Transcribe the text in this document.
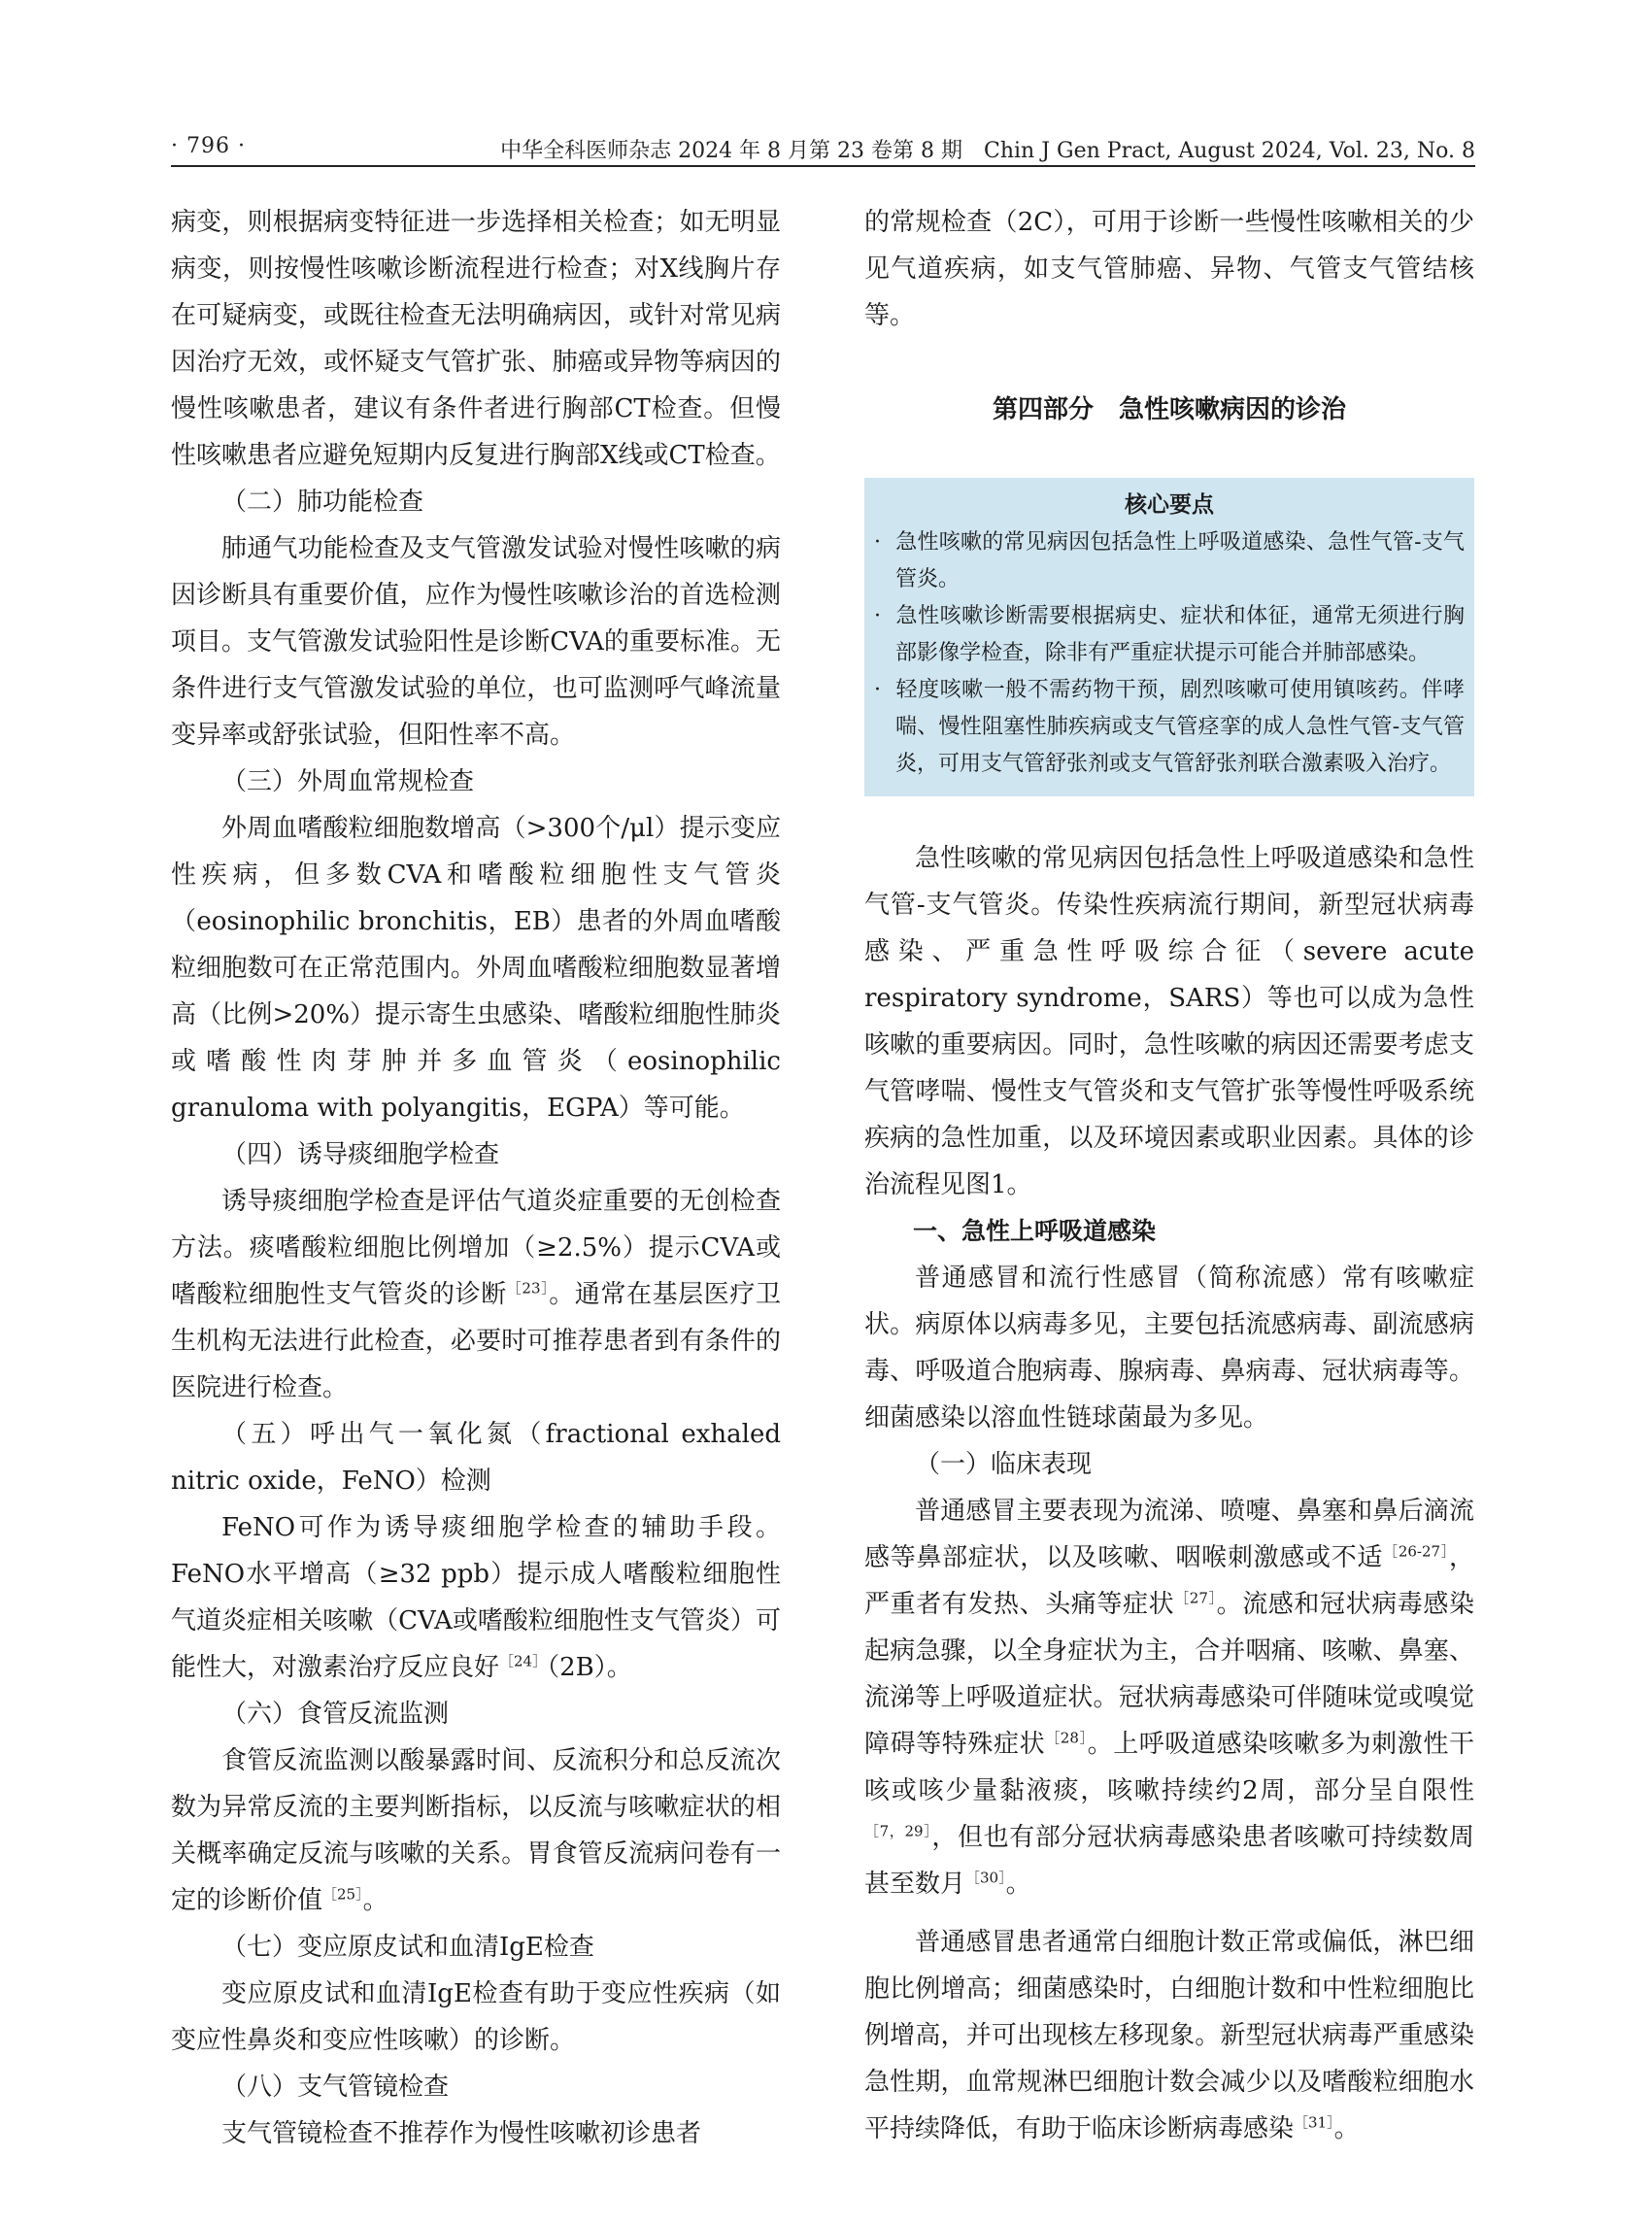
· 796 ·	中华全科医师杂志 2024 年 8 月第 23 卷第 8 期　Chin J Gen Pract, August 2024, Vol. 23, No. 8

病变，则根据病变特征进一步选择相关检查；如无明显病变，则按慢性咳嗽诊断流程进行检查；对X线胸片存在可疑病变，或既往检查无法明确病因，或针对常见病因治疗无效，或怀疑支气管扩张、肺癌或异物等病因的慢性咳嗽患者，建议有条件者进行胸部CT检查。但慢性咳嗽患者应避免短期内反复进行胸部X线或CT检查。

（二）肺功能检查

肺通气功能检查及支气管激发试验对慢性咳嗽的病因诊断具有重要价值，应作为慢性咳嗽诊治的首选检测项目。支气管激发试验阳性是诊断CVA的重要标准。无条件进行支气管激发试验的单位，也可监测呼气峰流量变异率或舒张试验，但阳性率不高。

（三）外周血常规检查

外周血嗜酸粒细胞数增高（>300个/μl）提示变应性疾病，但多数CVA和嗜酸粒细胞性支气管炎（eosinophilic bronchitis，EB）患者的外周血嗜酸粒细胞数可在正常范围内。外周血嗜酸粒细胞数显著增高（比例>20%）提示寄生虫感染、嗜酸粒细胞性肺炎或嗜酸性肉芽肿并多血管炎（eosinophilic granuloma with polyangitis，EGPA）等可能。

（四）诱导痰细胞学检查

诱导痰细胞学检查是评估气道炎症重要的无创检查方法。痰嗜酸粒细胞比例增加（≥2.5%）提示CVA或嗜酸粒细胞性支气管炎的诊断$^{[23]}$。通常在基层医疗卫生机构无法进行此检查，必要时可推荐患者到有条件的医院进行检查。

（五）呼出气一氧化氮（fractional exhaled nitric oxide，FeNO）检测

FeNO可作为诱导痰细胞学检查的辅助手段。FeNO水平增高（≥32 ppb）提示成人嗜酸粒细胞性气道炎症相关咳嗽（CVA或嗜酸粒细胞性支气管炎）可能性大，对激素治疗反应良好$^{[24]}$（2B）。

（六）食管反流监测

食管反流监测以酸暴露时间、反流积分和总反流次数为异常反流的主要判断指标，以反流与咳嗽症状的相关概率确定反流与咳嗽的关系。胃食管反流病问卷有一定的诊断价值$^{[25]}$。

（七）变应原皮试和血清IgE检查

变应原皮试和血清IgE检查有助于变应性疾病（如变应性鼻炎和变应性咳嗽）的诊断。

（八）支气管镜检查

支气管镜检查不推荐作为慢性咳嗽初诊患者

的常规检查（2C），可用于诊断一些慢性咳嗽相关的少见气道疾病，如支气管肺癌、异物、气管支气管结核等。

第四部分　急性咳嗽病因的诊治
核心要点

· 急性咳嗽的常见病因包括急性上呼吸道感染、急性气管-支气管炎。

· 急性咳嗽诊断需要根据病史、症状和体征，通常无须进行胸部影像学检查，除非有严重症状提示可能合并肺部感染。

· 轻度咳嗽一般不需药物干预，剧烈咳嗽可使用镇咳药。伴哮喘、慢性阻塞性肺疾病或支气管痉挛的成人急性气管-支气管炎，可用支气管舒张剂或支气管舒张剂联合激素吸入治疗。

急性咳嗽的常见病因包括急性上呼吸道感染和急性气管-支气管炎。传染性疾病流行期间，新型冠状病毒感染、严重急性呼吸综合征（severe acute respiratory syndrome，SARS）等也可以成为急性咳嗽的重要病因。同时，急性咳嗽的病因还需要考虑支气管哮喘、慢性支气管炎和支气管扩张等慢性呼吸系统疾病的急性加重，以及环境因素或职业因素。具体的诊治流程见图1。

一、急性上呼吸道感染

普通感冒和流行性感冒（简称流感）常有咳嗽症状。病原体以病毒多见，主要包括流感病毒、副流感病毒、呼吸道合胞病毒、腺病毒、鼻病毒、冠状病毒等。细菌感染以溶血性链球菌最为多见。

（一）临床表现

普通感冒主要表现为流涕、喷嚏、鼻塞和鼻后滴流感等鼻部症状，以及咳嗽、咽喉刺激感或不适$^{[26-27]}$，严重者有发热、头痛等症状$^{[27]}$。流感和冠状病毒感染起病急骤，以全身症状为主，合并咽痛、咳嗽、鼻塞、流涕等上呼吸道症状。冠状病毒感染可伴随味觉或嗅觉障碍等特殊症状$^{[28]}$。上呼吸道感染咳嗽多为刺激性干咳或咳少量黏液痰，咳嗽持续约2周，部分呈自限性$^{[7,29]}$，但也有部分冠状病毒感染患者咳嗽可持续数周甚至数月$^{[30]}$。

普通感冒患者通常白细胞计数正常或偏低，淋巴细胞比例增高；细菌感染时，白细胞计数和中性粒细胞比例增高，并可出现核左移现象。新型冠状病毒严重感染急性期，血常规淋巴细胞计数会减少以及嗜酸粒细胞水平持续降低，有助于临床诊断病毒感染$^{[31]}$。
